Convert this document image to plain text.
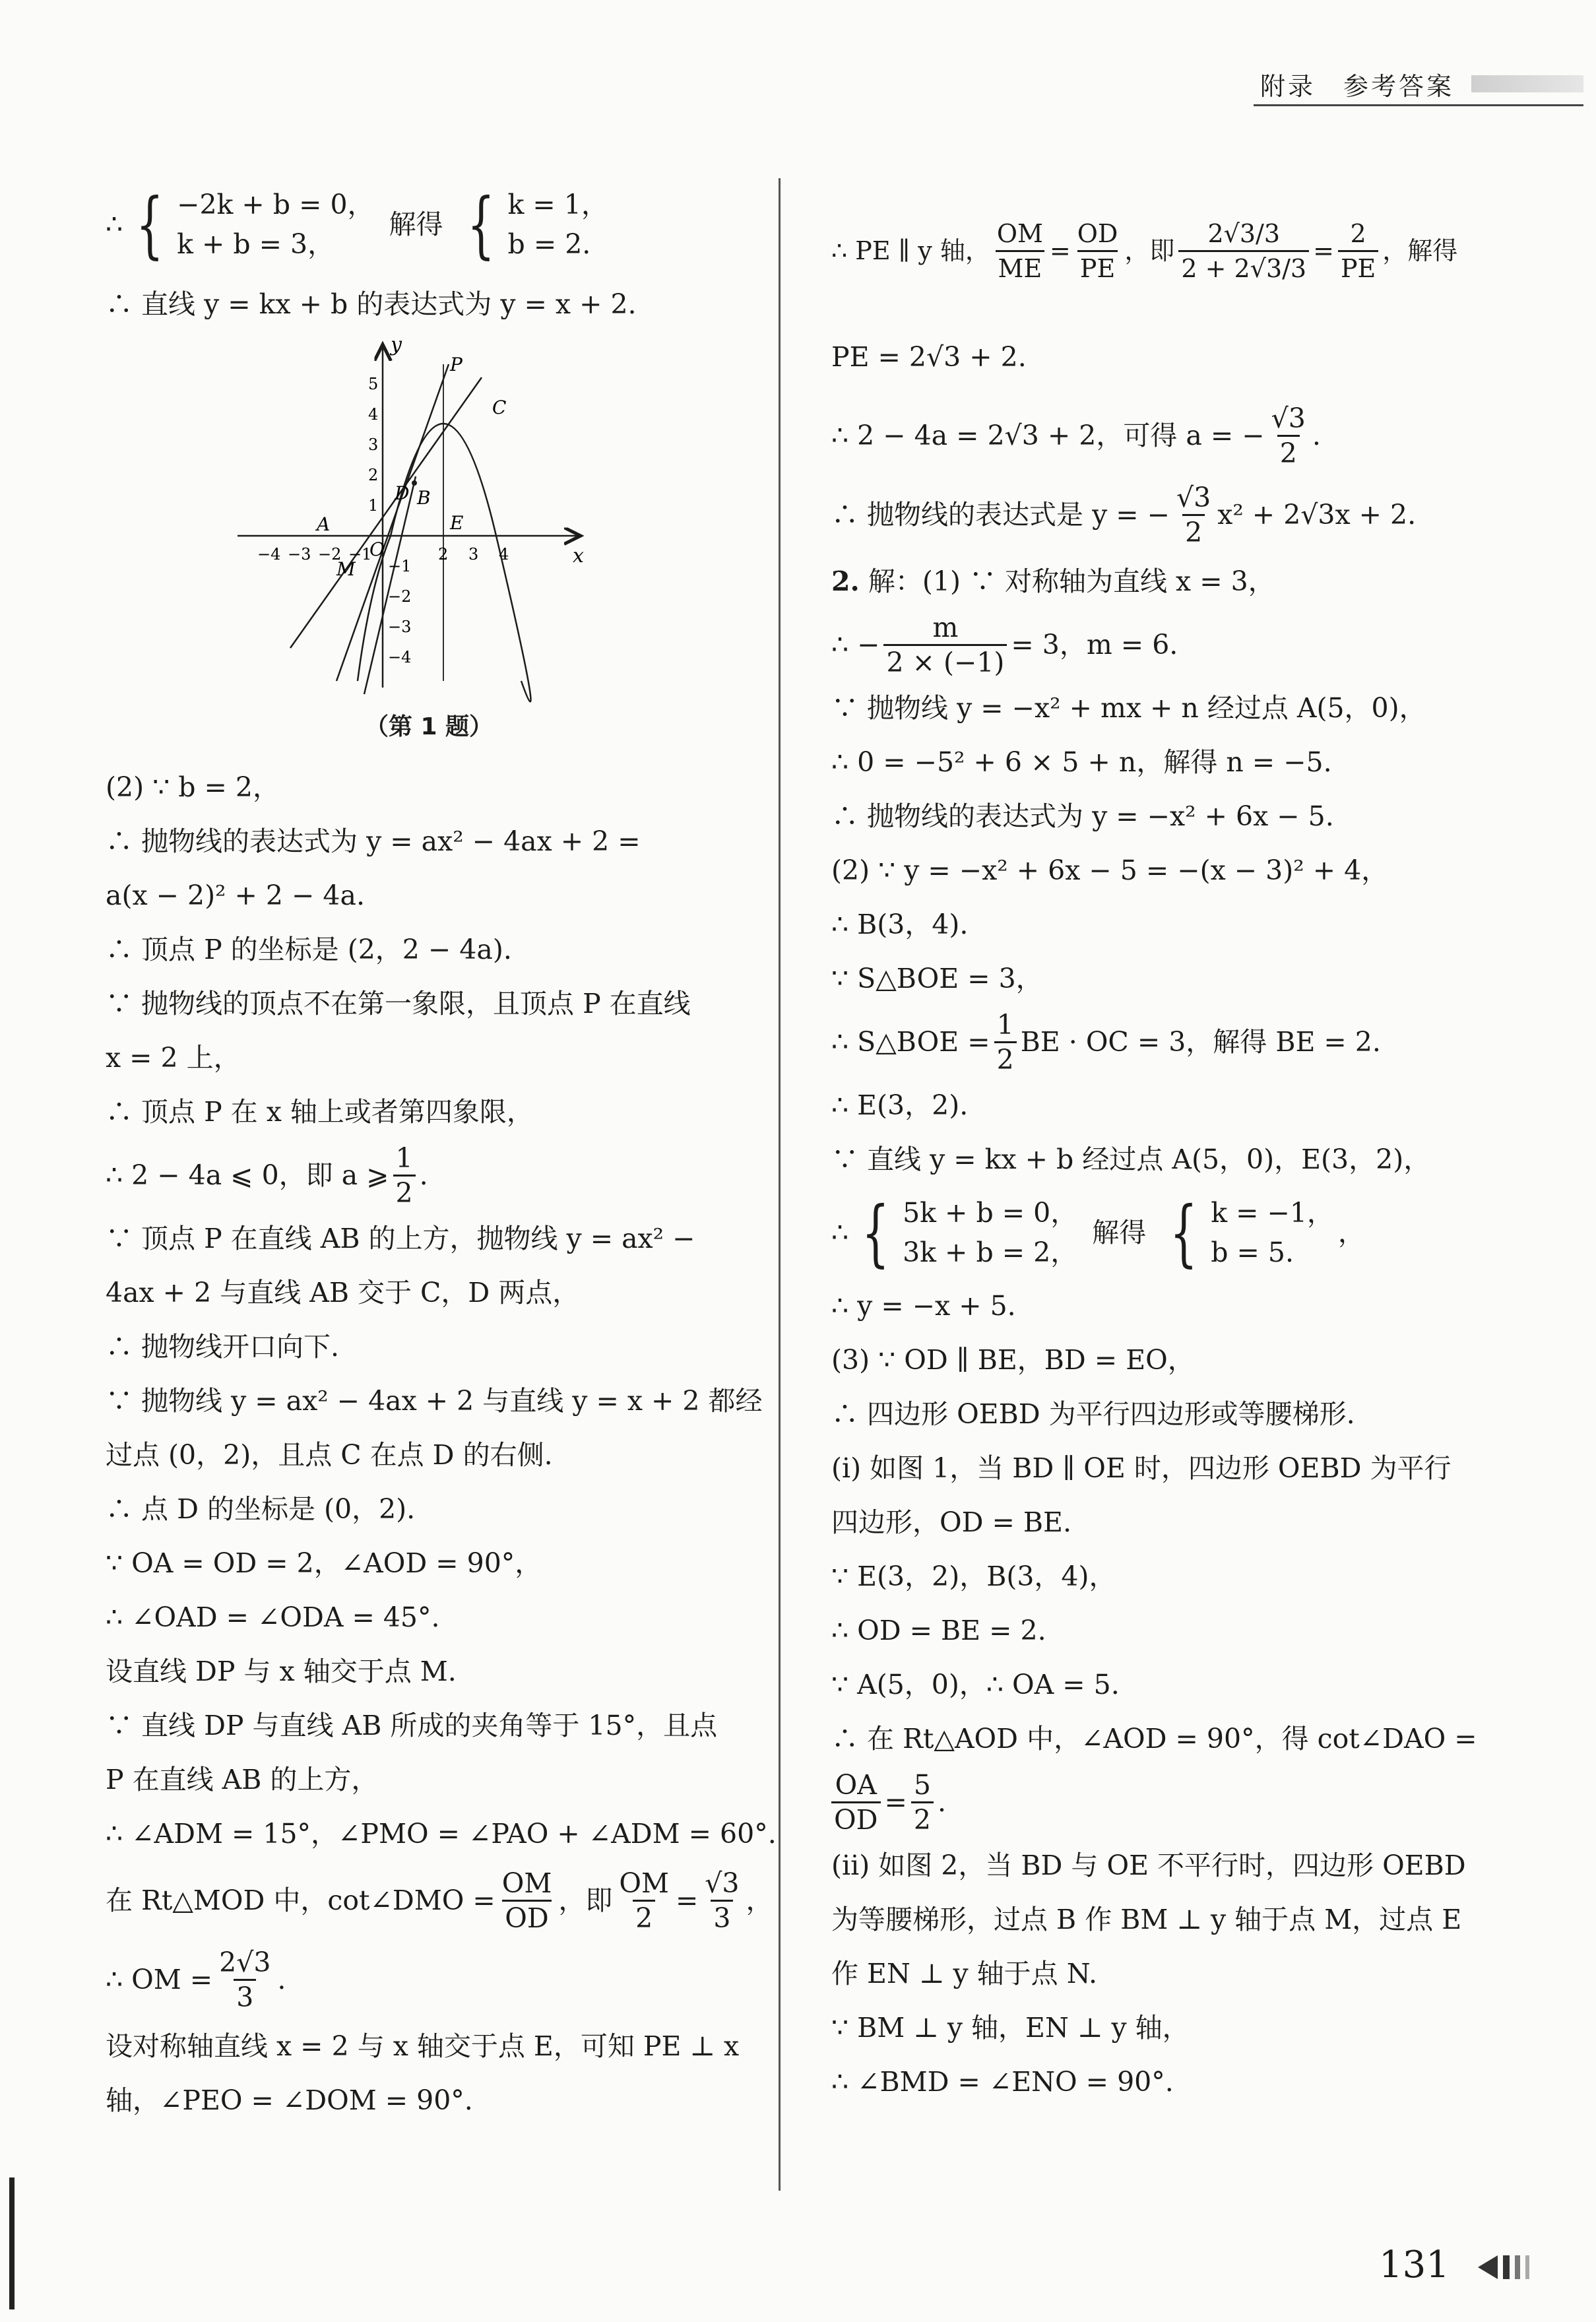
附录　参考答案
∴ { −2k + b = 0，
k + b = 3，
解得 { k = 1，
b = 2.
∴ 直线 y = kx + b 的表达式为 y = x + 2.
y
x
O
P
C
B
D
A
M
E
−4 −3 −2 −1	2 3 4
5
4
3
2
1
−1
−2
−3
−4
（第 1 题）
(2) ∵ b = 2，
∴ 抛物线的表达式为 y = ax² − 4ax + 2 =
a(x − 2)² + 2 − 4a.
∴ 顶点 P 的坐标是 (2，2 − 4a).
∵ 抛物线的顶点不在第一象限，且顶点 P 在直线
x = 2 上，
∴ 顶点 P 在 x 轴上或者第四象限，
∴ 2 − 4a ⩽ 0，即 a ⩾ $\frac{1}{2}$ .
∵ 顶点 P 在直线 AB 的上方，抛物线 y = ax² −
4ax + 2 与直线 AB 交于 C，D 两点，
∴ 抛物线开口向下.
∵ 抛物线 y = ax² − 4ax + 2 与直线 y = x + 2 都经
过点 (0，2)，且点 C 在点 D 的右侧.
∴ 点 D 的坐标是 (0，2).
∵ OA = OD = 2，∠AOD = 90°，
∴ ∠OAD = ∠ODA = 45°.
设直线 DP 与 x 轴交于点 M.
∵ 直线 DP 与直线 AB 所成的夹角等于 15°，且点
P 在直线 AB 的上方，
∴ ∠ADM = 15°，∠PMO = ∠PAO + ∠ADM = 60°.
在 Rt△MOD 中，cot∠DMO = $\frac{OM}{OD}$ ，即 $\frac{OM}{2} = \frac{√3}{3}$ ，
∴ OM = $\frac{2√3}{3}$ .
设对称轴直线 x = 2 与 x 轴交于点 E，可知 PE ⊥ x
轴，∠PEO = ∠DOM = 90°.
∴ PE ∥ y 轴， $\frac{OM}{ME} = \frac{OD}{PE}$ ，即 $\frac{2√3/3}{2 + 2√3/3} = \frac{2}{PE}$ ，解得
PE = 2√3 + 2.
∴ 2 − 4a = 2√3 + 2，可得 a = − $\frac{√3}{2}$ .
∴ 抛物线的表达式是 y = − $\frac{√3}{2} x^2 + 2√3x + 2$.
2. 解：(1) ∵ 对称轴为直线 x = 3，
∴ − $\frac{m}{2 \times (-1)} = 3$，m = 6.
∵ 抛物线 y = −x² + mx + n 经过点 A(5，0)，
∴ 0 = −5² + 6 × 5 + n，解得 n = −5.
∴ 抛物线的表达式为 y = −x² + 6x − 5.
(2) ∵ y = −x² + 6x − 5 = −(x − 3)² + 4，
∴ B(3，4).
∵ S△BOE = 3，
∴ S△BOE = $\frac{1}{2}$ BE · OC = 3，解得 BE = 2.
∴ E(3，2).
∵ 直线 y = kx + b 经过点 A(5，0)，E(3，2)，
∴ { 5k + b = 0，
3k + b = 2，
解得 { k = −1，
b = 5.
，
∴ y = −x + 5.
(3) ∵ OD ∥ BE，BD = EO，
∴ 四边形 OEBD 为平行四边形或等腰梯形.
(i) 如图 1，当 BD ∥ OE 时，四边形 OEBD 为平行
四边形，OD = BE.
∵ E(3，2)，B(3，4)，
∴ OD = BE = 2.
∵ A(5，0)，∴ OA = 5.
∴ 在 Rt△AOD 中，∠AOD = 90°，得 cot∠DAO =
$\frac{OA}{OD} = \frac{5}{2}$ .
(ii) 如图 2，当 BD 与 OE 不平行时，四边形 OEBD
为等腰梯形，过点 B 作 BM ⊥ y 轴于点 M，过点 E
作 EN ⊥ y 轴于点 N.
∵ BM ⊥ y 轴，EN ⊥ y 轴，
∴ ∠BMD = ∠ENO = 90°.
131
